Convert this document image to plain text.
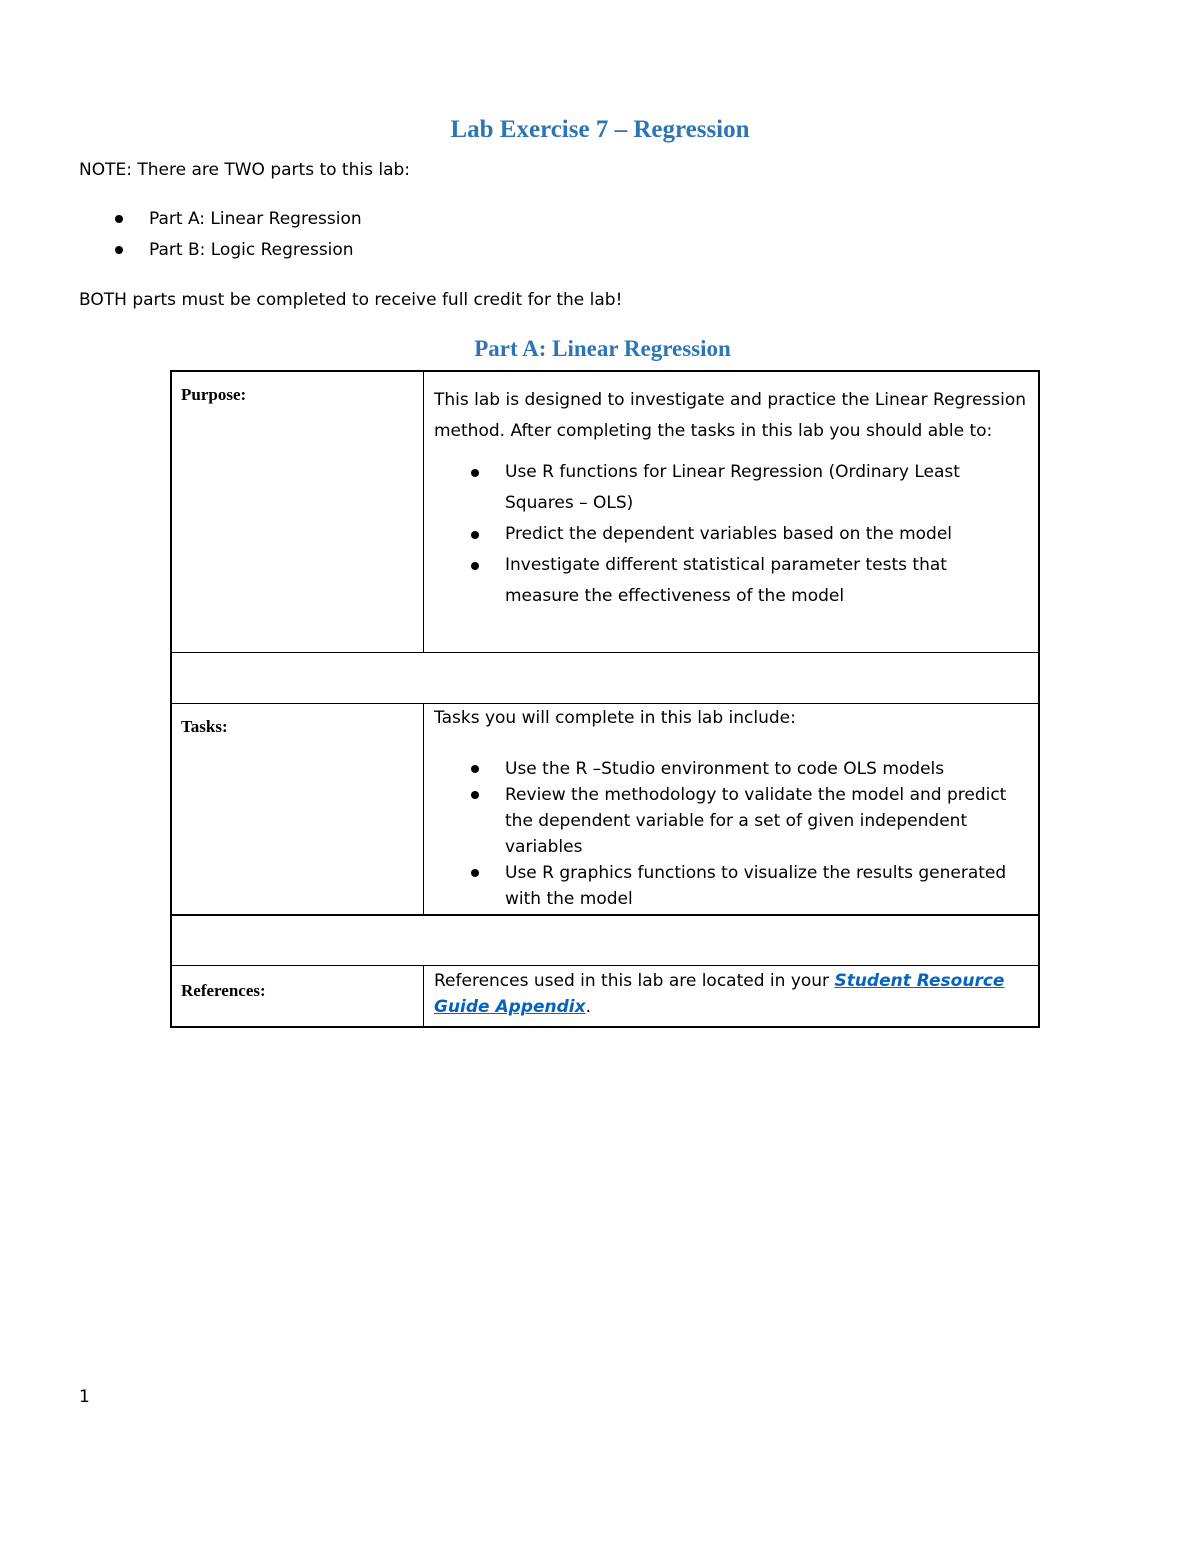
Lab Exercise 7 – Regression
NOTE: There are TWO parts to this lab:
Part A: Linear Regression
Part B: Logic Regression
BOTH parts must be completed to receive full credit for the lab!
Part A: Linear Regression
Purpose:	This lab is designed to investigate and practice the Linear Regression method. After completing the tasks in this lab you should able to:
Use R functions for Linear Regression (Ordinary Least Squares – OLS)
Predict the dependent variables based on the model
Investigate different statistical parameter tests that measure the effectiveness of the model
Tasks:	Tasks you will complete in this lab include:
Use the R –Studio environment to code OLS models
Review the methodology to validate the model and predict the dependent variable for a set of given independent variables
Use R graphics functions to visualize the results generated with the model
References:	References used in this lab are located in your Student Resource Guide Appendix.
1
